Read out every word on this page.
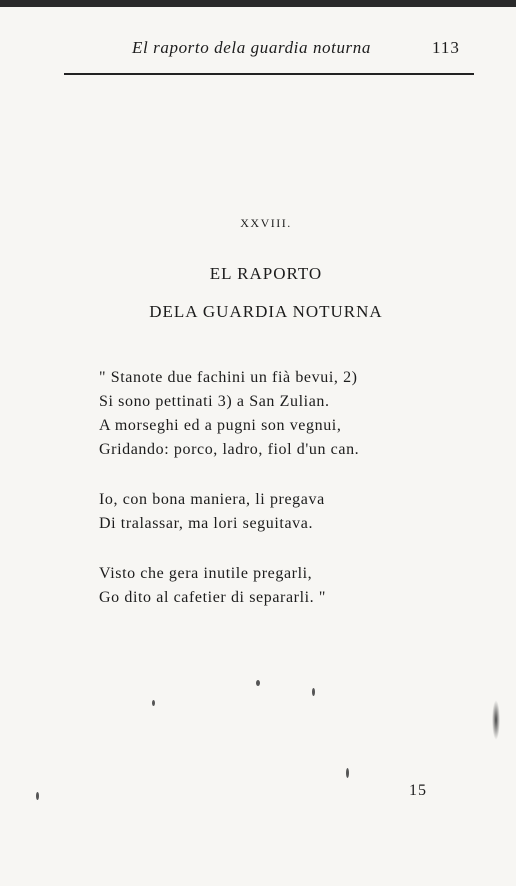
El raporto dela guardia noturna	113
XXVIII.
EL RAPORTO
DELA GUARDIA NOTURNA
" Stanote due fachini un fià bevui, 2)
Si sono pettinati 3) a San Zulian.
A morseghi ed a pugni son vegnui,
Gridando: porco, ladro, fiol d'un can.
Io, con bona maniera, li pregava
Di tralassar, ma lori seguitava.
Visto che gera inutile pregarli,
Go dito al cafetier di separarli. "
15
